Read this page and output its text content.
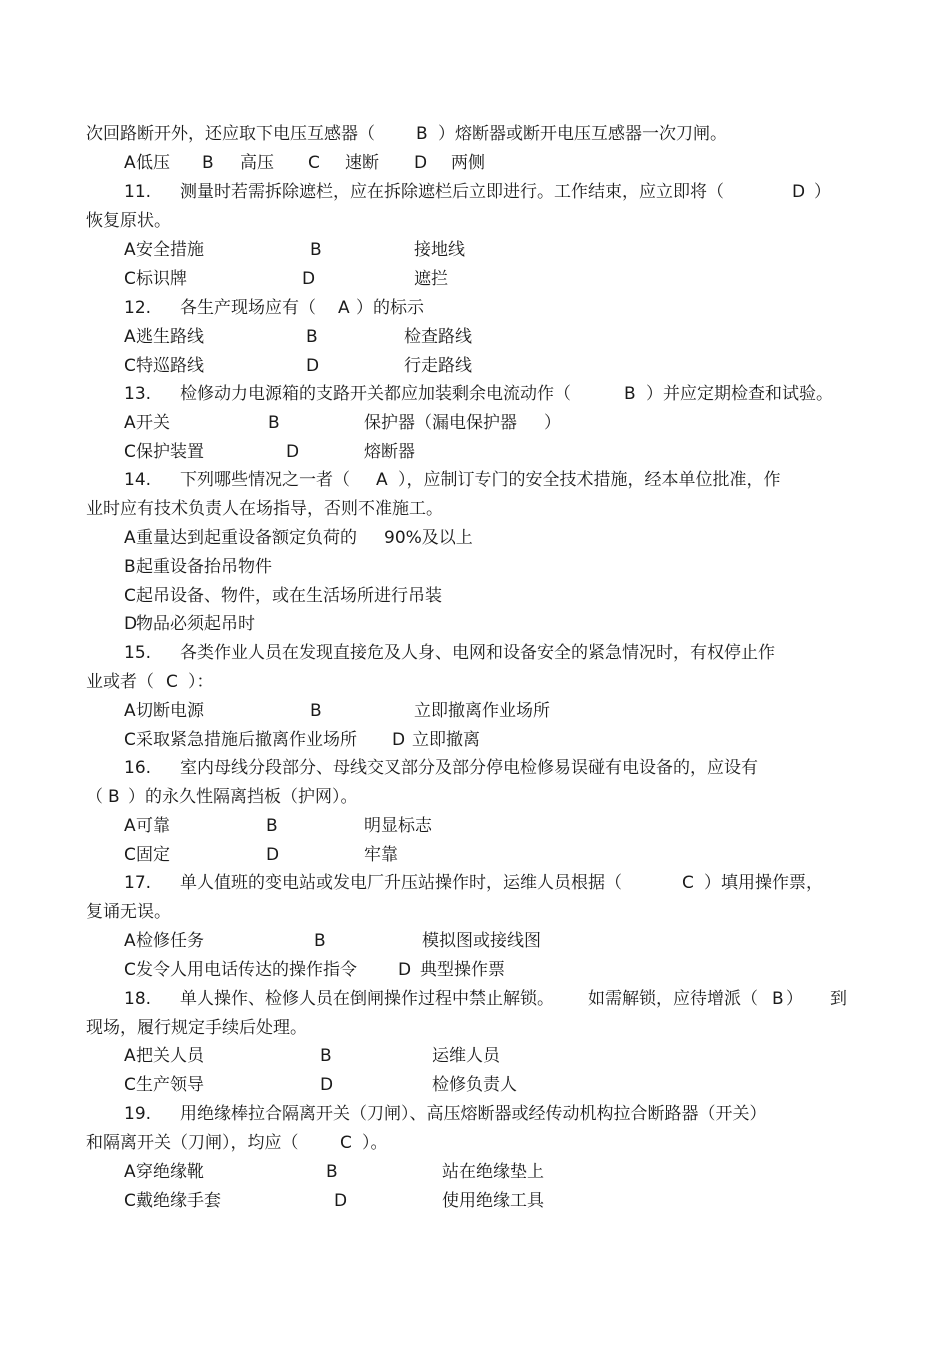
次回路断开外，还应取下电压互感器（ B ）熔断器或断开电压互感器一次刀闸。
A 低压 B 高压 C 速断 D 两侧
11. 测量时若需拆除遮栏，应在拆除遮栏后立即进行。工作结束，应立即将（	D ）
恢复原状。
A 安全措施	B	接地线
C 标识牌	D	遮拦
12. 各生产现场应有（ A ）的标示
A 逃生路线	B	检查路线
C 特巡路线	D	行走路线
13. 检修动力电源箱的支路开关都应加装剩余电流动作（	B ）并应定期检查和试验。
A 开关	B	保护器（漏电保护器 ）
C 保护装置	D	熔断器
14. 下列哪些情况之一者（ A ），应制订专门的安全技术措施，经本单位批准，作
业时应有技术负责人在场指导，否则不准施工。
A 重量达到起重设备额定负荷的 90%及以上
B 起重设备抬吊物件
C 起吊设备、物件，或在生活场所进行吊装
D
物品必须起吊时
15. 各类作业人员在发现直接危及人身、电网和设备安全的紧急情况时，有权停止作
业或者（ C ）：
A 切断电源	B	立即撤离作业场所
C 采取紧急措施后撤离作业场所 D 立即撤离
16. 室内母线分段部分、母线交叉部分及部分停电检修易误碰有电设备的，应设有
（ B ）的永久性隔离挡板（护网）。
A 可靠	B	明显标志
C 固定	D	牢靠
17. 单人值班的变电站或发电厂升压站操作时，运维人员根据（	C ）填用操作票，
复诵无误。
A 检修任务	B	模拟图或接线图
C 发令人用电话传达的操作指令 D 典型操作票
18. 单人操作、检修人员在倒闸操作过程中禁止解锁。 如需解锁，应待增派（ B ） 到
现场，履行规定手续后处理。
A 把关人员	B	运维人员
C 生产领导	D	检修负责人
19. 用绝缘棒拉合隔离开关（刀闸）、高压熔断器或经传动机构拉合断路器（开关）
和隔离开关（刀闸），均应（ C ）。
A 穿绝缘靴	B	站在绝缘垫上
C 戴绝缘手套	D	使用绝缘工具
